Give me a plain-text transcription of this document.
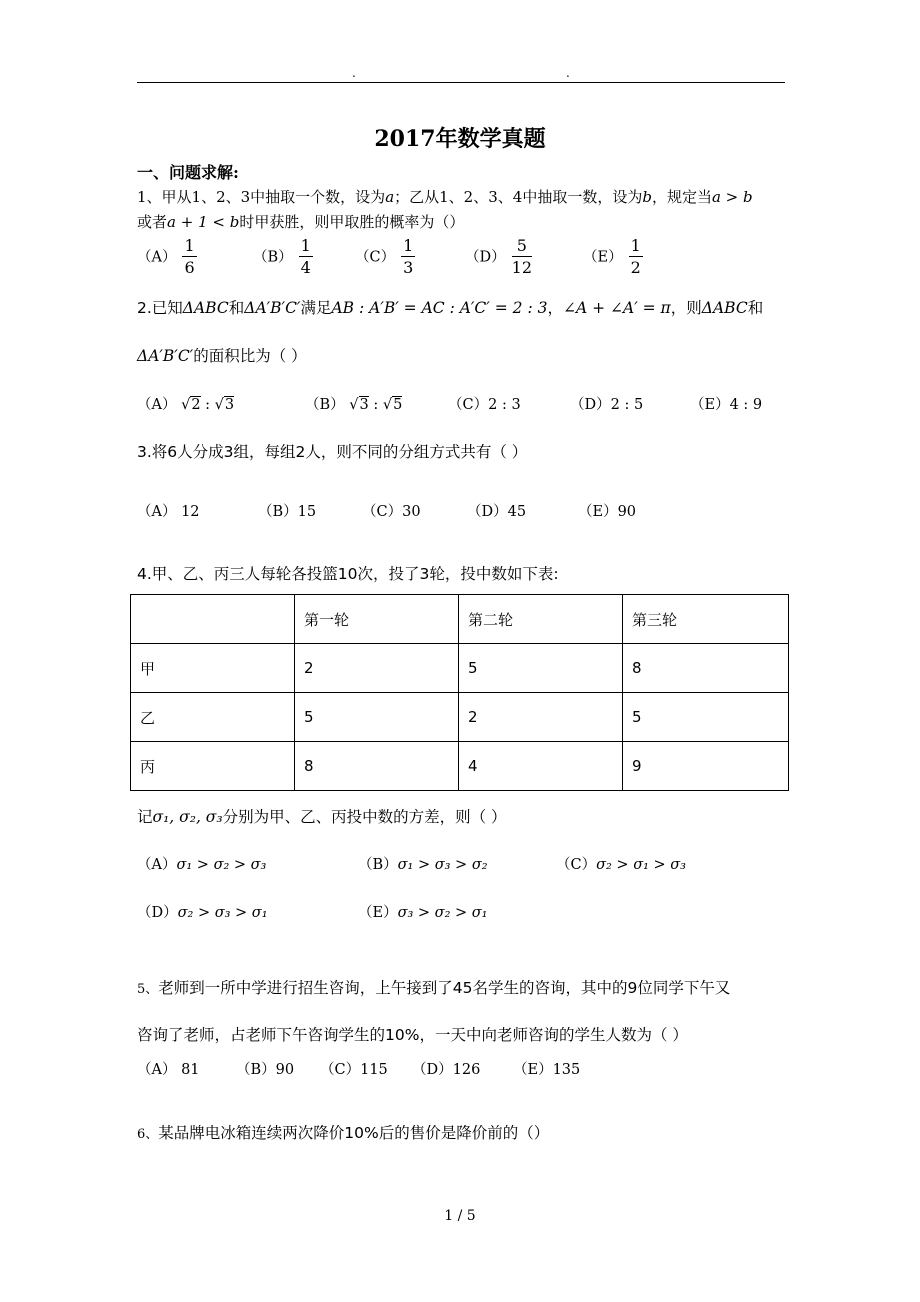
.	.
2017年数学真题
一、问题求解:
1、甲从1、2、3中抽取一个数，设为a；乙从1、2、3、4中抽取一数，设为b，规定当a > b
或者a + 1 < b时甲获胜，则甲取胜的概率为（）
$(A) \frac{1}{6}$	$(B) \frac{1}{4}$	$(C) \frac{1}{3}$	$(D) \frac{5}{12}$	$(E) \frac{1}{2}$
2.已知ΔABC和ΔA′B′C′满足AB : A′B′ = AC : A′C′ = 2 : 3，∠A + ∠A′ = π，则ΔABC和
ΔA′B′C′的面积比为（ ）
（A） √2 : √3	（B） √3 : √5	（C）2 : 3	（D）2 : 5	（E）4 : 9
3.将6人分成3组，每组2人，则不同的分组方式共有（ ）
（A） 12	（B）15	（C）30	（D）45	（E）90
4.甲、乙、丙三人每轮各投篮10次，投了3轮，投中数如下表:
	第一轮	第二轮	第三轮
甲	2	5	8
乙	5	2	5
丙	8	4	9
记σ₁, σ₂, σ₃分别为甲、乙、丙投中数的方差，则（ ）
（A）σ₁ > σ₂ > σ₃	（B）σ₁ > σ₃ > σ₂	（C）σ₂ > σ₁ > σ₃
（D）σ₂ > σ₃ > σ₁	（E）σ₃ > σ₂ > σ₁
5、老师到一所中学进行招生咨询，上午接到了45名学生的咨询，其中的9位同学下午又
咨询了老师，占老师下午咨询学生的10%，一天中向老师咨询的学生人数为（ ）
（A） 81	（B）90 （C）115 （D）126 （E）135
6、某品牌电冰箱连续两次降价10%后的售价是降价前的（）
1 / 5
